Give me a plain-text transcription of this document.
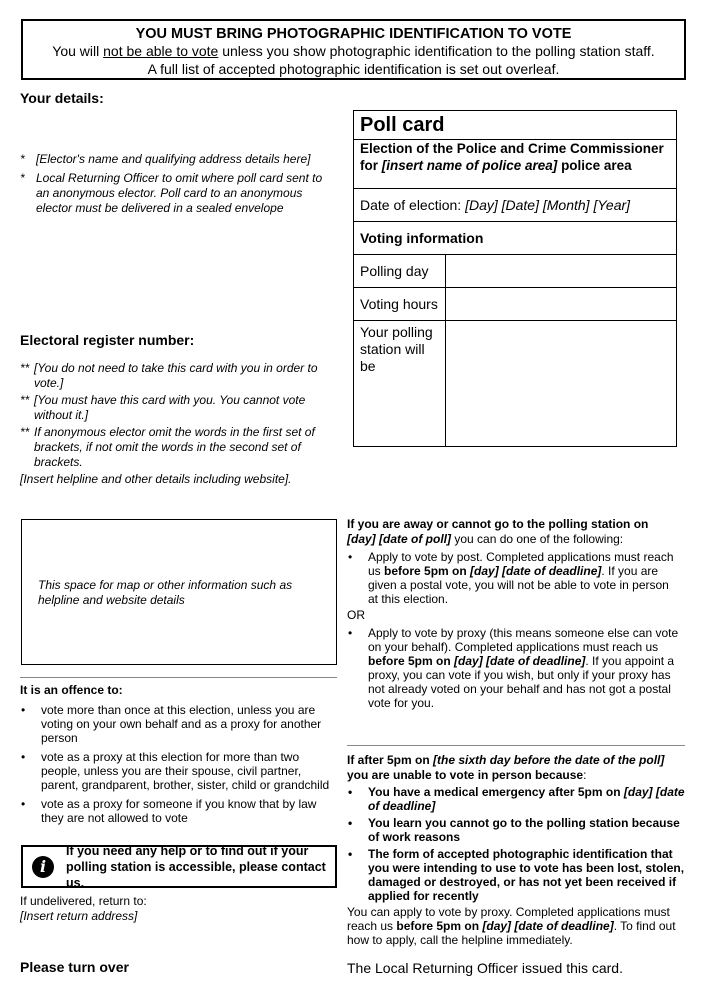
YOU MUST BRING PHOTOGRAPHIC IDENTIFICATION TO VOTE
You will not be able to vote unless you show photographic identification to the polling station staff.
A full list of accepted photographic identification is set out overleaf.
Your details:
* [Elector's name and qualifying address details here]
* Local Returning Officer to omit where poll card sent to an anonymous elector. Poll card to an anonymous elector must be delivered in a sealed envelope
Electoral register number:
** [You do not need to take this card with you in order to vote.]
** [You must have this card with you. You cannot vote without it.]
** If anonymous elector omit the words in the first set of brackets, if not omit the words in the second set of brackets.
[Insert helpline and other details including website].
Poll card
Election of the Police and Crime Commissioner for [insert name of police area] police area
Date of election: [Day] [Date] [Month] [Year]
Voting information
Polling day
Voting hours
Your polling station will be
This space for map or other information such as helpline and website details
It is an offence to:
•	vote more than once at this election, unless you are voting on your own behalf and as a proxy for another person
•	vote as a proxy at this election for more than two people, unless you are their spouse, civil partner, parent, grandparent, brother, sister, child or grandchild
•	vote as a proxy for someone if you know that by law they are not allowed to vote
i
If you need any help or to find out if your polling station is accessible, please contact us.
If undelivered, return to:
[Insert return address]
Please turn over
If you are away or cannot go to the polling station on
[day] [date of poll] you can do one of the following:
•	Apply to vote by post. Completed applications must reach us before 5pm on [day] [date of deadline]. If you are given a postal vote, you will not be able to vote in person at this election.
OR
•	Apply to vote by proxy (this means someone else can vote on your behalf). Completed applications must reach us before 5pm on [day] [date of deadline]. If you appoint a proxy, you can vote if you wish, but only if your proxy has not already voted on your behalf and has not got a postal vote for you.
If after 5pm on [the sixth day before the date of the poll] you are unable to vote in person because:
•	You have a medical emergency after 5pm on [day] [date of deadline]
•	You learn you cannot go to the polling station because of work reasons
•	The form of accepted photographic identification that you were intending to use to vote has been lost, stolen, damaged or destroyed, or has not yet been received if applied for recently
You can apply to vote by proxy. Completed applications must reach us before 5pm on [day] [date of deadline]. To find out how to apply, call the helpline immediately.
The Local Returning Officer issued this card.
